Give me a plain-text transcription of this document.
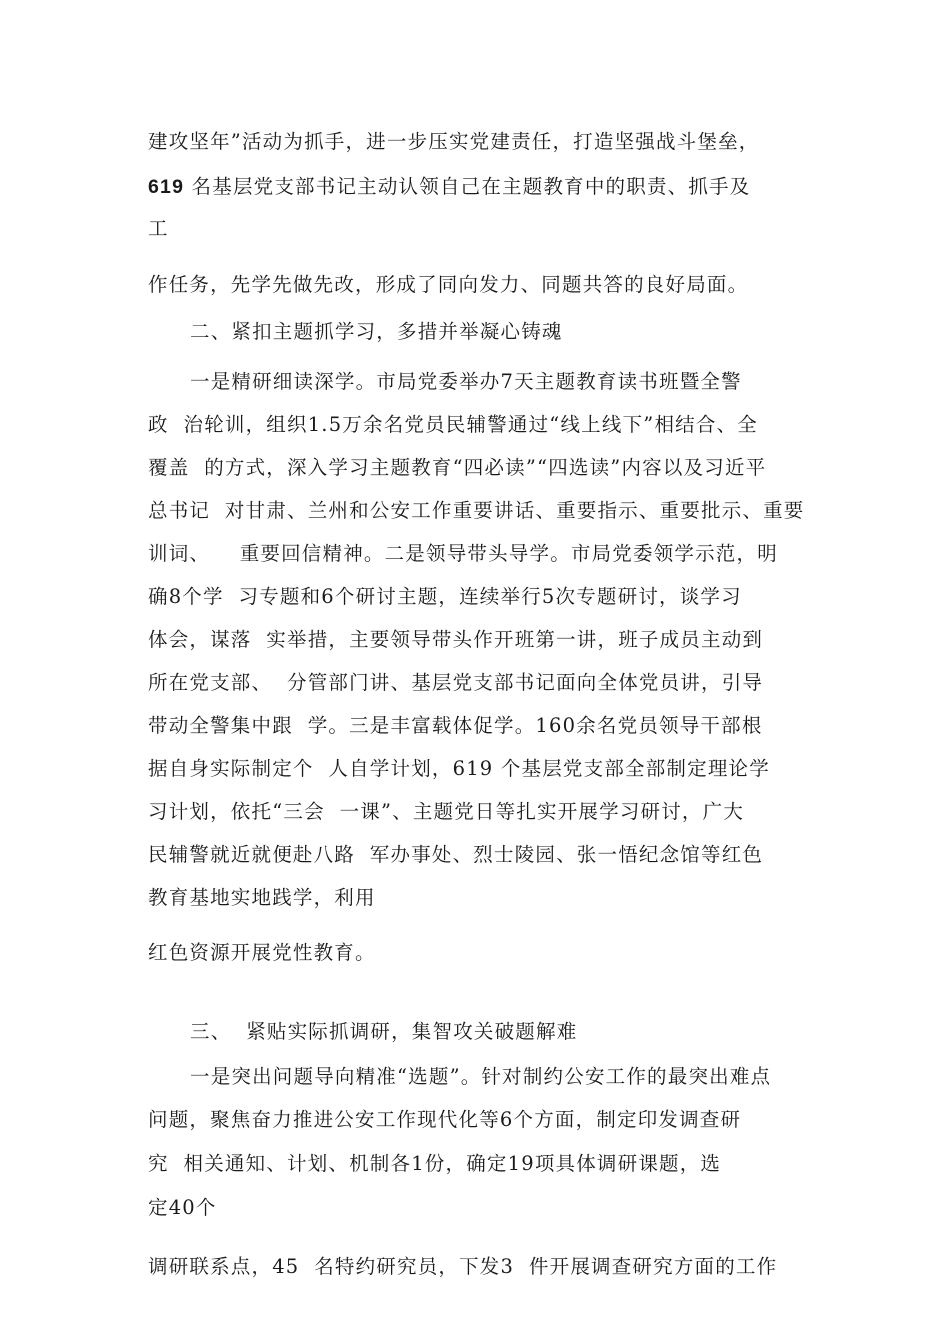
建攻坚年”活动为抓手，进一步压实党建责任，打造坚强战斗堡垒，

619 名基层党支部书记主动认领自己在主题教育中的职责、抓手及

工

作任务，先学先做先改，形成了同向发力、同题共答的良好局面。

二、紧扣主题抓学习，多措并举凝心铸魂

一是精研细读深学。市局党委举办7天主题教育读书班暨全警

政  治轮训，组织1.5万余名党员民辅警通过“线上线下”相结合、全

覆盖  的方式，深入学习主题教育“四必读”“四选读”内容以及习近平

总书记  对甘肃、兰州和公安工作重要讲话、重要指示、重要批示、重要

训词、    重要回信精神。二是领导带头导学。市局党委领学示范，明

确8个学  习专题和6个研讨主题，连续举行5次专题研讨，谈学习

体会，谋落  实举措，主要领导带头作开班第一讲，班子成员主动到

所在党支部、  分管部门讲、基层党支部书记面向全体党员讲，引导

带动全警集中跟  学。三是丰富载体促学。160余名党员领导干部根

据自身实际制定个  人自学计划，619 个基层党支部全部制定理论学

习计划，依托“三会  一课”、主题党日等扎实开展学习研讨，广大

民辅警就近就便赴八路  军办事处、烈士陵园、张一悟纪念馆等红色

教育基地实地践学，利用

红色资源开展党性教育。

三、  紧贴实际抓调研，集智攻关破题解难

一是突出问题导向精准“选题”。针对制约公安工作的最突出难点

问题，聚焦奋力推进公安工作现代化等6个方面，制定印发调查研

究  相关通知、计划、机制各1份，确定19项具体调研课题，选

定40个

调研联系点，45  名特约研究员，下发3  件开展调查研究方面的工作
